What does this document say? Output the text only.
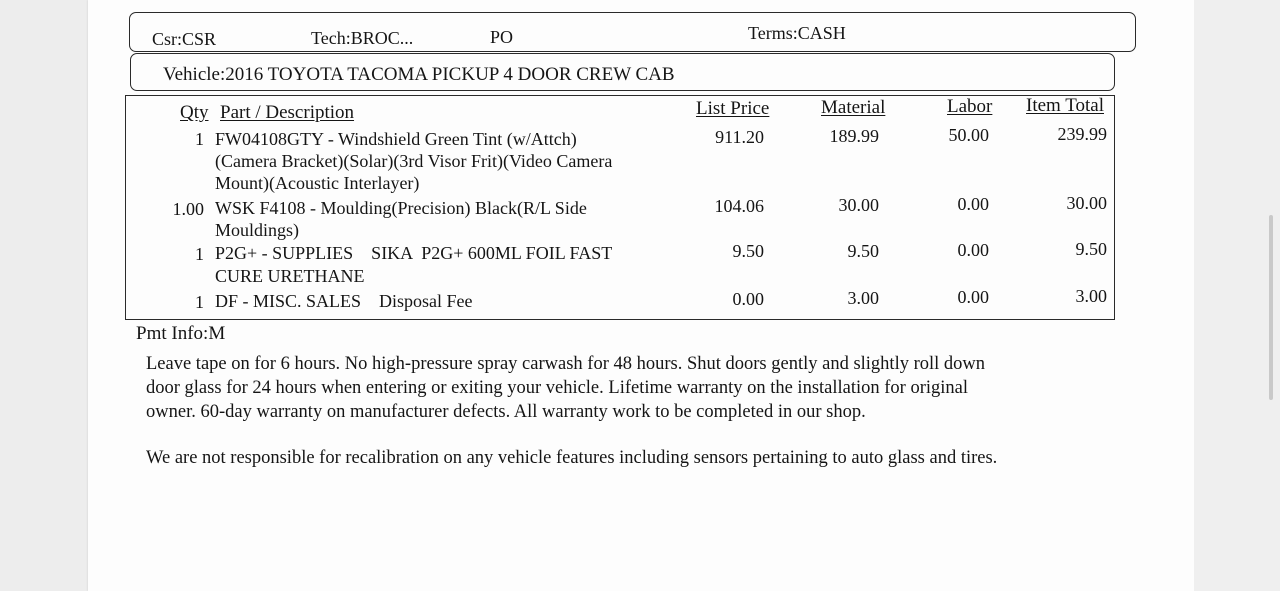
Csr:CSR	Tech:BROC...	PO	Terms:CASH
Vehicle:2016 TOYOTA TACOMA PICKUP 4 DOOR CREW CAB
Qty Part / Description	List Price	Material	Labor Item Total
1 FW04108GTY - Windshield Green Tint (w/Attch)
(Camera Bracket)(Solar)(3rd Visor Frit)(Video Camera
Mount)(Acoustic Interlayer)
911.20	189.99	50.00	239.99
1.00 WSK F4108 - Moulding(Precision) Black(R/L Side
Mouldings)
104.06	30.00	0.00	30.00
1 P2G+ - SUPPLIES    SIKA  P2G+ 600ML FOIL FAST
CURE URETHANE
9.50	9.50	0.00	9.50
1 DF - MISC. SALES    Disposal Fee	0.00	3.00	0.00	3.00
Pmt Info:M
Leave tape on for 6 hours. No high-pressure spray carwash for 48 hours. Shut doors gently and slightly roll down
door glass for 24 hours when entering or exiting your vehicle. Lifetime warranty on the installation for original
owner. 60-day warranty on manufacturer defects. All warranty work to be completed in our shop.
We are not responsible for recalibration on any vehicle features including sensors pertaining to auto glass and tires.
